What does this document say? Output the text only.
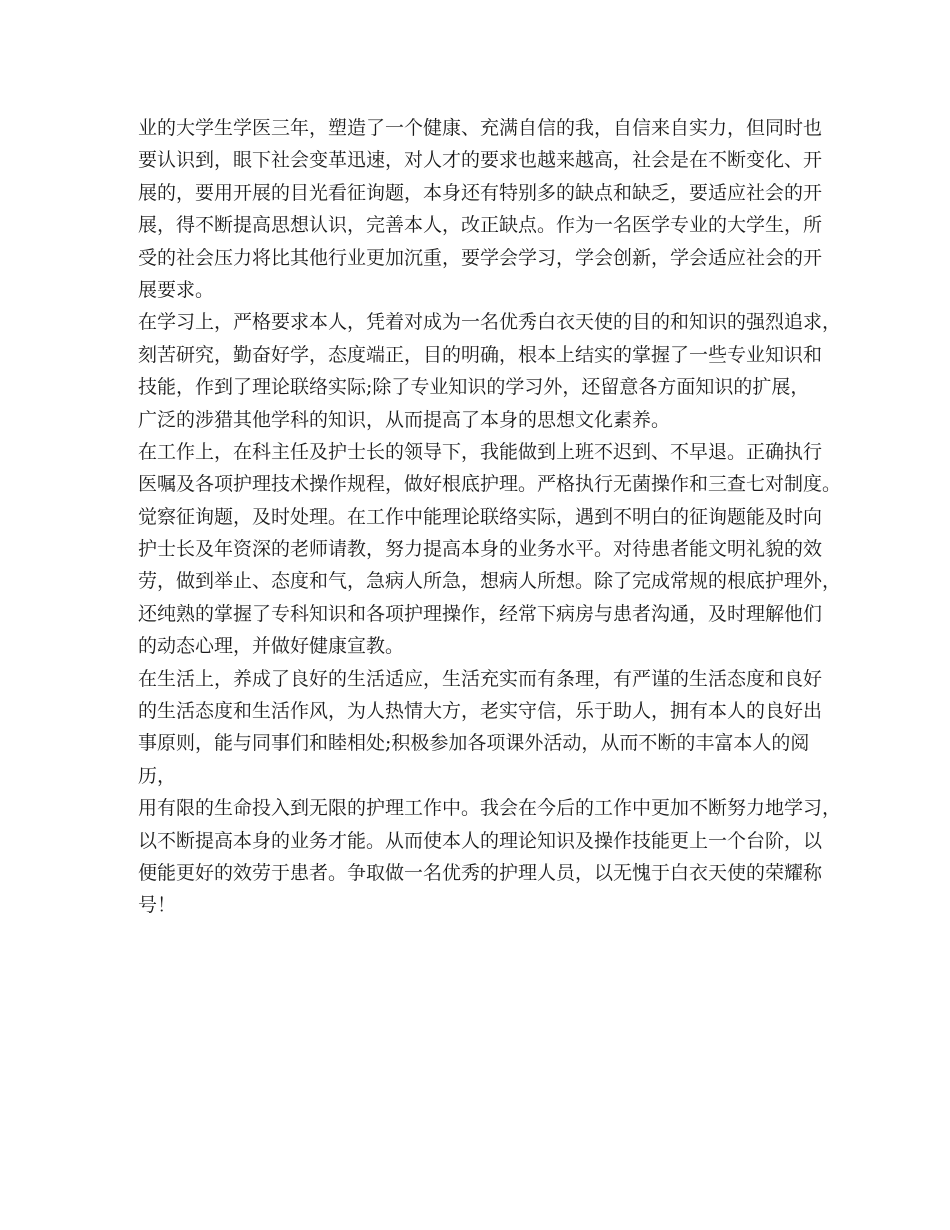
业的大学生学医三年，塑造了一个健康、充满自信的我，自信来自实力，但同时也
要认识到，眼下社会变革迅速，对人才的要求也越来越高，社会是在不断变化、开
展的，要用开展的目光看征询题，本身还有特别多的缺点和缺乏，要适应社会的开
展，得不断提高思想认识，完善本人，改正缺点。作为一名医学专业的大学生，所
受的社会压力将比其他行业更加沉重，要学会学习，学会创新，学会适应社会的开
展要求。
在学习上，严格要求本人，凭着对成为一名优秀白衣天使的目的和知识的强烈追求，
刻苦研究，勤奋好学，态度端正，目的明确，根本上结实的掌握了一些专业知识和
技能，作到了理论联络实际;除了专业知识的学习外，还留意各方面知识的扩展，
广泛的涉猎其他学科的知识，从而提高了本身的思想文化素养。
在工作上，在科主任及护士长的领导下，我能做到上班不迟到、不早退。正确执行
医嘱及各项护理技术操作规程，做好根底护理。严格执行无菌操作和三查七对制度。
觉察征询题，及时处理。在工作中能理论联络实际，遇到不明白的征询题能及时向
护士长及年资深的老师请教，努力提高本身的业务水平。对待患者能文明礼貌的效
劳，做到举止、态度和气，急病人所急，想病人所想。除了完成常规的根底护理外，
还纯熟的掌握了专科知识和各项护理操作，经常下病房与患者沟通，及时理解他们
的动态心理，并做好健康宣教。
在生活上，养成了良好的生活适应，生活充实而有条理，有严谨的生活态度和良好
的生活态度和生活作风，为人热情大方，老实守信，乐于助人，拥有本人的良好出
事原则，能与同事们和睦相处;积极参加各项课外活动，从而不断的丰富本人的阅
历，
用有限的生命投入到无限的护理工作中。我会在今后的工作中更加不断努力地学习，
以不断提高本身的业务才能。从而使本人的理论知识及操作技能更上一个台阶，以
便能更好的效劳于患者。争取做一名优秀的护理人员，以无愧于白衣天使的荣耀称
号！
